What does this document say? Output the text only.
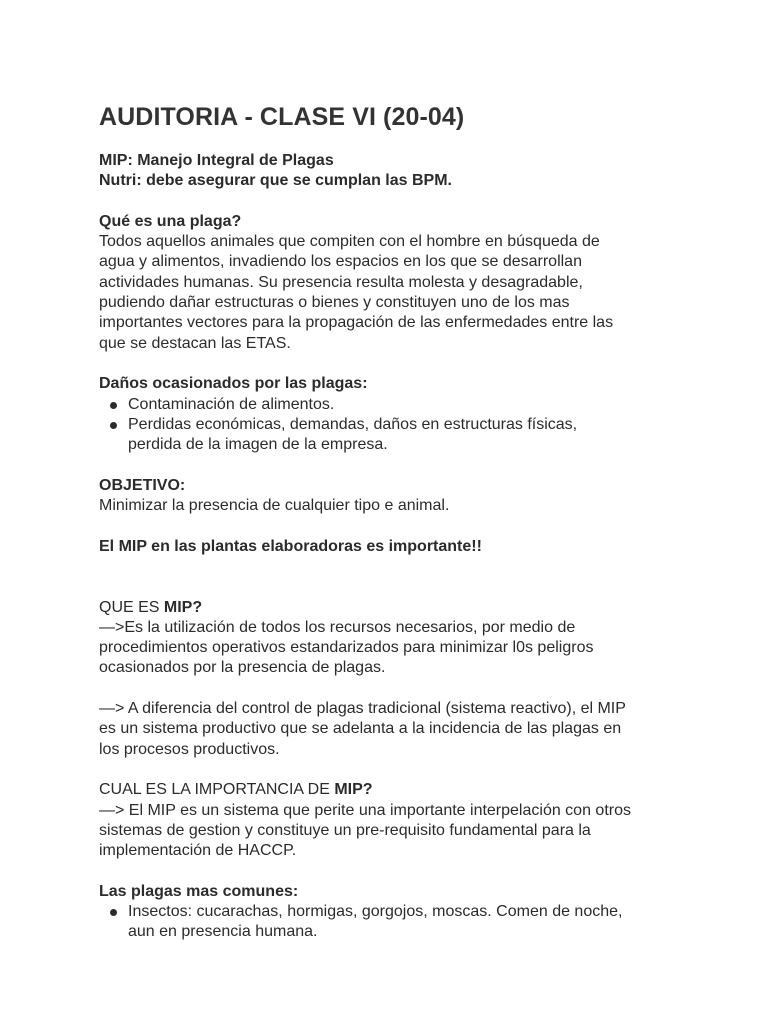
AUDITORIA - CLASE VI (20-04)

MIP: Manejo Integral de Plagas

Nutri: debe asegurar que se cumplan las BPM.

Qué es una plaga?

Todos aquellos animales que compiten con el hombre en búsqueda de

agua y alimentos, invadiendo los espacios en los que se desarrollan

actividades humanas. Su presencia resulta molesta y desagradable,

pudiendo dañar estructuras o bienes y constituyen uno de los mas

importantes vectores para la propagación de las enfermedades entre las

que se destacan las ETAS.

Daños ocasionados por las plagas:

Contaminación de alimentos.
Perdidas económicas, demandas, daños en estructuras físicas,
perdida de la imagen de la empresa.

OBJETIVO:

Minimizar la presencia de cualquier tipo e animal.

El MIP en las plantas elaboradoras es importante!!

QUE ES MIP?

—>Es la utilización de todos los recursos necesarios, por medio de

procedimientos operativos estandarizados para minimizar l0s peligros

ocasionados por la presencia de plagas.

—> A diferencia del control de plagas tradicional (sistema reactivo), el MIP

es un sistema productivo que se adelanta a la incidencia de las plagas en

los procesos productivos.

CUAL ES LA IMPORTANCIA DE MIP?

—> El MIP es un sistema que perite una importante interpelación con otros

sistemas de gestion y constituye un pre-requisito fundamental para la

implementación de HACCP.

Las plagas mas comunes:

Insectos: cucarachas, hormigas, gorgojos, moscas. Comen de noche,
aun en presencia humana.
